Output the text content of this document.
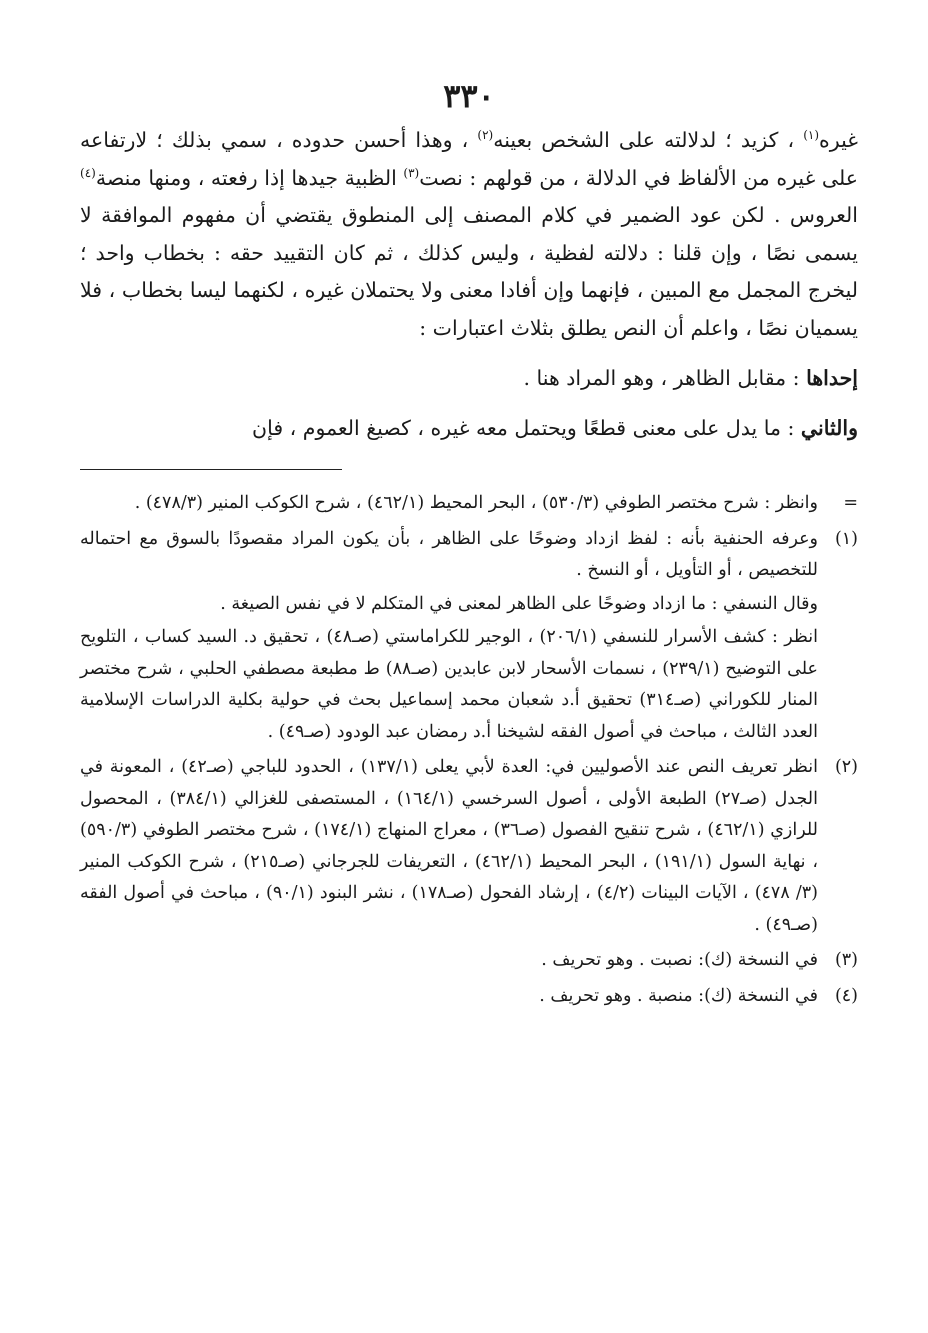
٣٣٠

غيره$^{(١)}$ ، كزيد ؛ لدلالته على الشخص بعينه$^{(٢)}$ ، وهذا أحسن حدوده ، سمي بذلك ؛ لارتفاعه على غيره من الألفاظ في الدلالة ، من قولهم : نصت$^{(٣)}$ الظبية جيدها إذا رفعته ، ومنها منصة$^{(٤)}$ العروس . لكن عود الضمير في كلام المصنف إلى المنطوق يقتضي أن مفهوم الموافقة لا يسمى نصًا ، وإن قلنا : دلالته لفظية ، وليس كذلك ، ثم كان التقييد حقه : بخطاب واحد ؛ ليخرج المجمل مع المبين ، فإنهما وإن أفادا معنى ولا يحتملان غيره ، لكنهما ليسا بخطاب ، فلا يسميان نصًا ، واعلم أن النص يطلق بثلاث اعتبارات :

إحداها : مقابل الظاهر ، وهو المراد هنا .

والثاني : ما يدل على معنى قطعًا ويحتمل معه غيره ، كصيغ العموم ، فإن

=
وانظر : شرح مختصر الطوفي (٥٣٠/٣) ، البحر المحيط (٤٦٢/١) ، شرح الكوكب المنير (٤٧٨/٣) .
(١)
وعرفه الحنفية بأنه : لفظ ازداد وضوحًا على الظاهر ، بأن يكون المراد مقصودًا بالسوق مع احتماله للتخصيص ، أو التأويل ، أو النسخ .
وقال النسفي : ما ازداد وضوحًا على الظاهر لمعنى في المتكلم لا في نفس الصيغة .
انظر : كشف الأسرار للنسفي (٢٠٦/١) ، الوجير للكراماستي (صـ٤٨) ، تحقيق د. السيد كساب ، التلويح على التوضيح (٢٣٩/١) ، نسمات الأسحار لابن عابدين (صـ٨٨) ط مطبعة مصطفي الحلبي ، شرح مختصر المنار للكوراني (صـ٣١٤) تحقيق أ.د شعبان محمد إسماعيل بحث في حولية بكلية الدراسات الإسلامية العدد الثالث ، مباحث في أصول الفقه لشيخنا أ.د رمضان عبد الودود (صـ٤٩) .
(٢)
انظر تعريف النص عند الأصوليين في: العدة لأبي يعلى (١٣٧/١) ، الحدود للباجي (صـ٤٢) ، المعونة في الجدل (صـ٢٧) الطبعة الأولى ، أصول السرخسي (١٦٤/١) ، المستصفى للغزالي (٣٨٤/١) ، المحصول للرازي (٤٦٢/١) ، شرح تنقيح الفصول (صـ٣٦) ، معراج المنهاج (١٧٤/١) ، شرح مختصر الطوفي (٥٩٠/٣) ، نهاية السول (١٩١/١) ، البحر المحيط (٤٦٢/١) ، التعريفات للجرجاني (صـ٢١٥) ، شرح الكوكب المنير (٣/ ٤٧٨) ، الآيات البينات (٤/٢) ، إرشاد الفحول (صـ١٧٨) ، نشر البنود (٩٠/١) ، مباحث في أصول الفقه (صـ٤٩) .
(٣)
في النسخة (ك): نصبت . وهو تحريف .
(٤)
في النسخة (ك): منصبة . وهو تحريف .
